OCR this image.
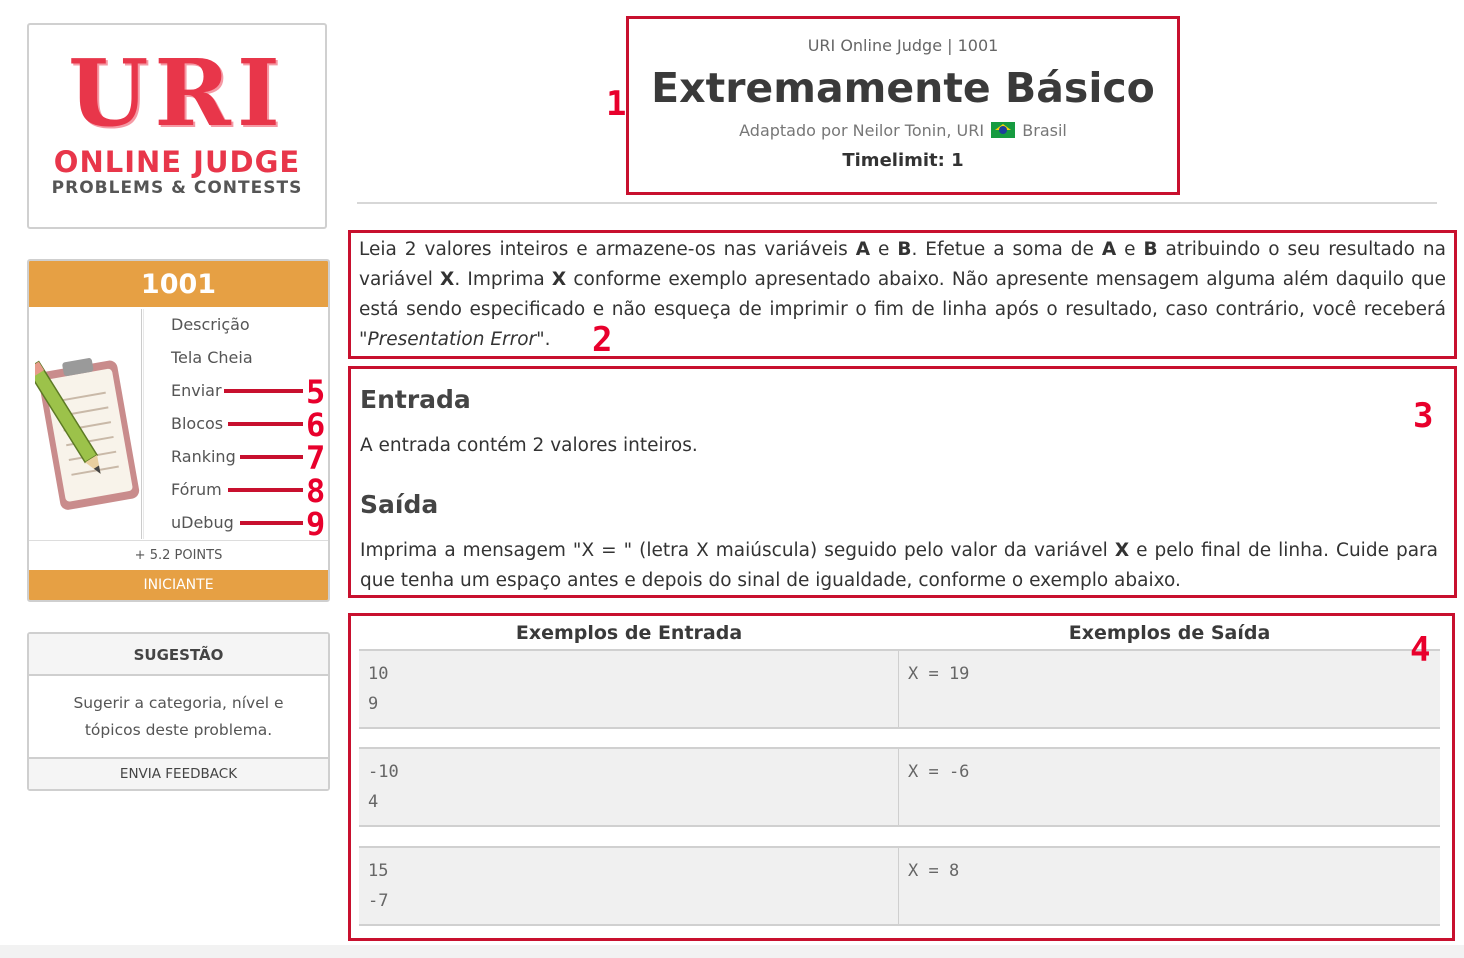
URI
ONLINE JUDGE
PROBLEMS & CONTESTS
1001
Descrição
Tela Cheia
Enviar
Blocos
Ranking
Fórum
uDebug
+ 5.2 POINTS
INICIANTE
SUGESTÃO
Sugerir a categoria, nível e tópicos deste problema.
ENVIA FEEDBACK
URI Online Judge | 1001
Extremamente Básico
Adaptado por Neilor Tonin, URI Brasil
Timelimit: 1
1

Leia 2 valores inteiros e armazene-os nas variáveis A e B. Efetue a soma de A e B atribuindo o seu resultado na variável X. Imprima X conforme exemplo apresentado abaixo. Não apresente mensagem alguma além daquilo que está sendo especificado e não esqueça de imprimir o fim de linha após o resultado, caso contrário, você receberá "Presentation Error".	2
Entrada
A entrada contém 2 valores inteiros.
Saída
Imprima a mensagem "X = " (letra X maiúscula) seguido pelo valor da variável X e pelo final de linha. Cuide para que tenha um espaço antes e depois do sinal de igualdade, conforme o exemplo abaixo.
3
Exemplos de Entrada	Exemplos de Saída
10
9
X = 19
-10
4
X = -6
15
-7
X = 8
4
5
6
7
8
9
